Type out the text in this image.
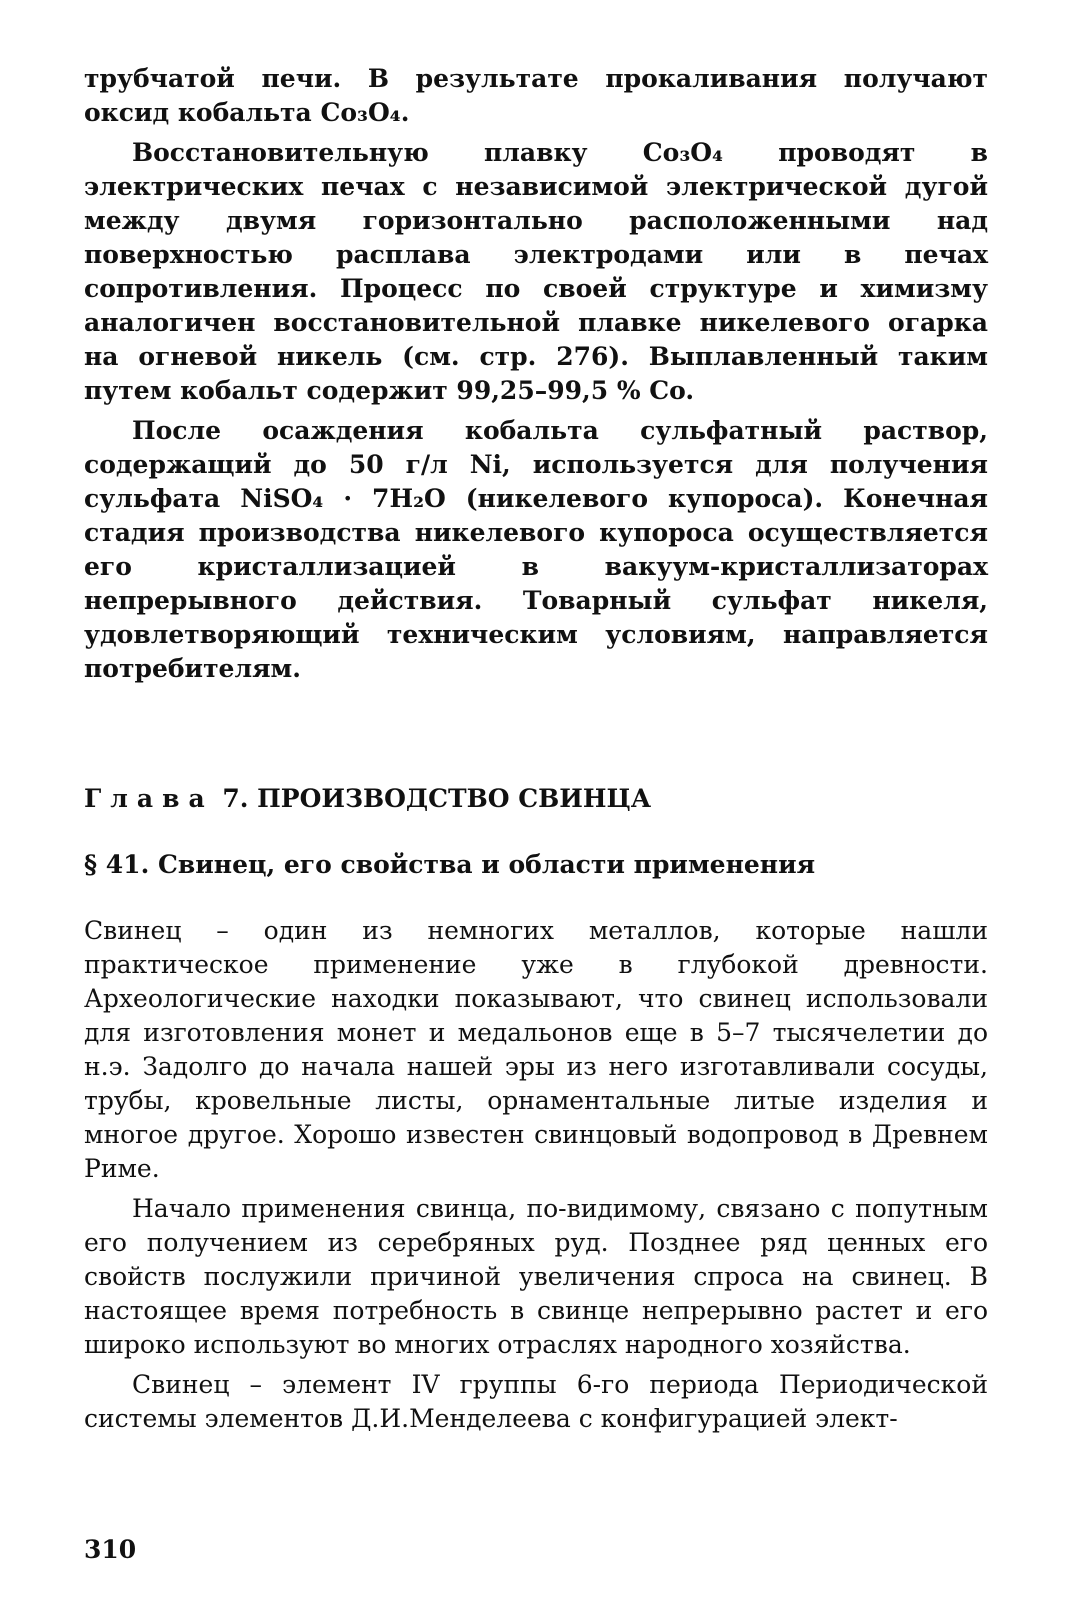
трубчатой печи. В результате прокаливания получают оксид кобальта Co₃O₄.

Восстановительную плавку Co₃O₄ проводят в электрических печах с независимой электрической дугой между двумя горизонтально расположенными над поверхностью расплава электродами или в печах сопротивления. Процесс по своей структуре и химизму аналогичен восстановительной плавке никелевого огарка на огневой никель (см. стр. 276). Выплавленный таким путем кобальт содержит 99,25–99,5 % Co.

После осаждения кобальта сульфатный раствор, содержащий до 50 г/л Ni, используется для получения сульфата NiSO₄ · 7H₂O (никелевого купороса). Конечная стадия производства никелевого купороса осуществляется его кристаллизацией в вакуум-кристаллизаторах непрерывного действия. Товарный сульфат никеля, удовлетворяющий техническим условиям, направляется потребителям.

Глава 7. ПРОИЗВОДСТВО СВИНЦА

§ 41. Свинец, его свойства и области применения

Свинец – один из немногих металлов, которые нашли практическое применение уже в глубокой древности. Археологические находки показывают, что свинец использовали для изготовления монет и медальонов еще в 5–7 тысячелетии до н.э. Задолго до начала нашей эры из него изготавливали сосуды, трубы, кровельные листы, орнаментальные литые изделия и многое другое. Хорошо известен свинцовый водопровод в Древнем Риме.

Начало применения свинца, по-видимому, связано с попутным его получением из серебряных руд. Позднее ряд ценных его свойств послужили причиной увеличения спроса на свинец. В настоящее время потребность в свинце непрерывно растет и его широко используют во многих отраслях народного хозяйства.

Свинец – элемент IV группы 6-го периода Периодической системы элементов Д.И.Менделеева с конфигурацией элект-

310
